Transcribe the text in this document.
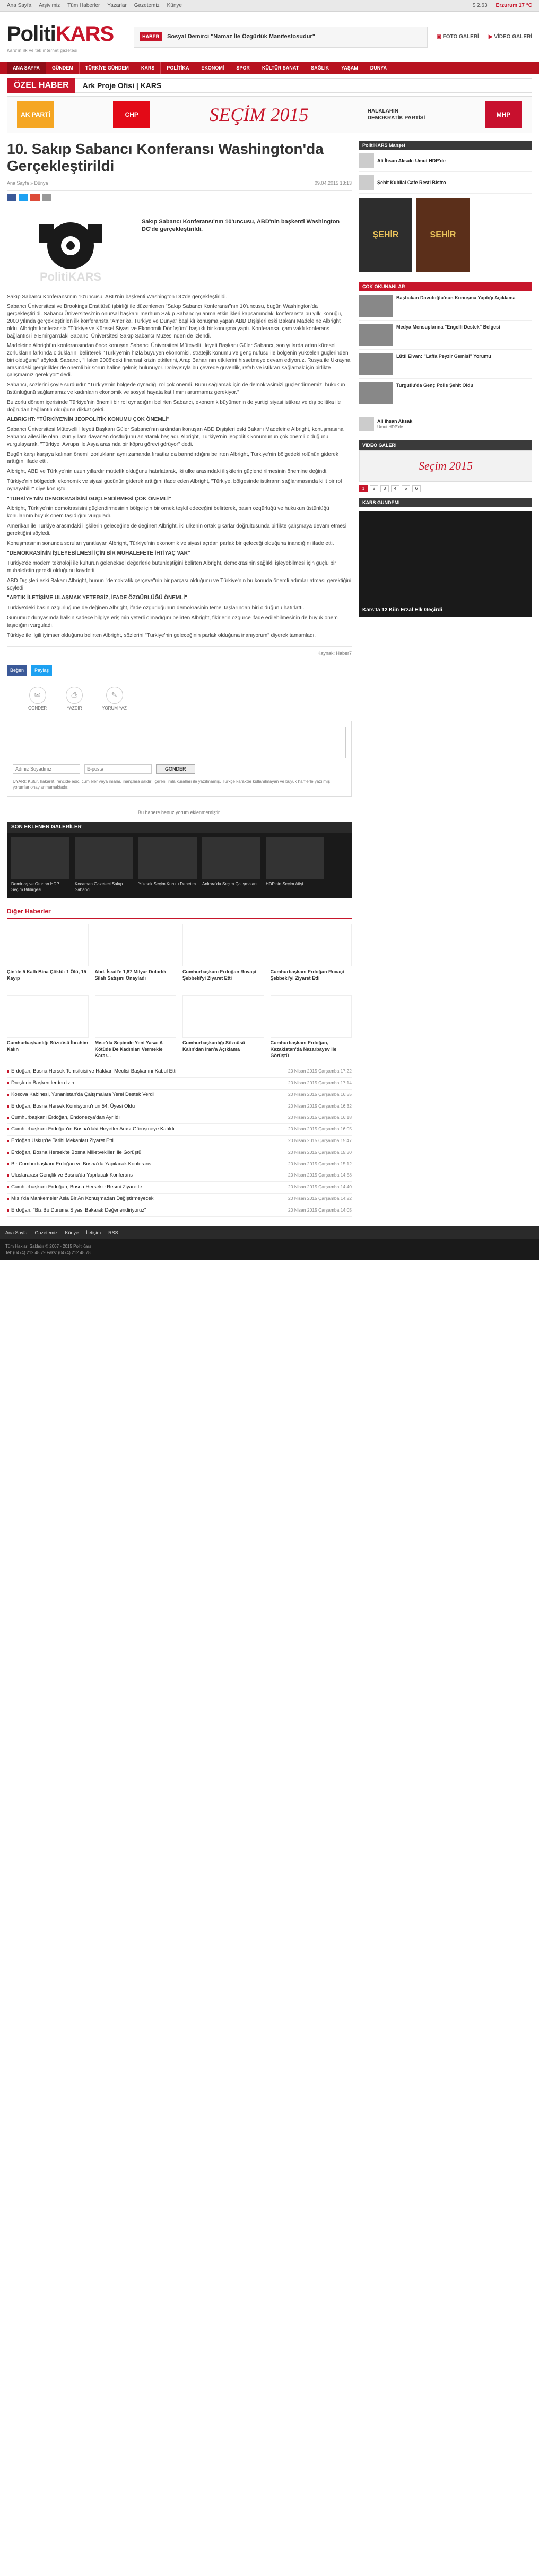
Ana Sayfa Arşivimiz Tüm Haberler Yazarlar Gazetemiz Künye	$ 2.63 Erzurum 17 °C
PolitiKARS
Kars'ın ilk ve tek internet gazetesi
HABER	Sosyal Demirci "Namaz İle Özgürlük Manifestosudur"	▣ FOTO GALERİ ▶ VİDEO GALERİ
ANA SAYFA	GÜNDEM	TÜRKİYE GÜNDEM	KARS	POLİTİKA	EKONOMİ	SPOR	KÜLTÜR SANAT	SAĞLIK	YAŞAM	DÜNYA
ÖZEL HABER	Ark Proje Ofisi | KARS
AK PARTİ	CHP	SEÇİM 2015	HALKLARIN DEMOKRATİK PARTİSİ	MHP
10. Sakıp Sabancı Konferansı Washington'da Gerçekleştirildi
Ana Sayfa » Dünya	09.04.2015 13:13
PolitiKARS
Sakıp Sabancı Konferansı'nın 10'uncusu, ABD'nin başkenti Washington DC'de gerçekleştirildi.

Sakıp Sabancı Konferansı'nın 10'uncusu, ABD'nin başkenti Washington DC'de gerçekleştirildi.

Sabancı Üniversitesi ve Brookings Enstitüsü işbirliği ile düzenlenen "Sakıp Sabancı Konferansı"nın 10'uncusu, bugün Washington'da gerçekleştirildi. Sabancı Üniversitesi'nin onursal başkanı merhum Sakıp Sabancı'yı anma etkinlikleri kapsamındaki konferansta bu yılki konuğu, 2000 yılında gerçekleştirilen ilk konferansta "Amerika, Türkiye ve Dünya" başlıklı konuşma yapan ABD Dışişleri eski Bakanı Madeleine Albright oldu. Albright konferansta "Türkiye ve Küresel Siyasi ve Ekonomik Dönüşüm" başlıklı bir konuşma yaptı. Konferansa, çam vakfı konferans bağlantısı ile Emirgan'daki Sabancı Üniversitesi Sakıp Sabancı Müzesi'nden de izlendi.

Madeleine Albright'ın konferansından önce konuşan Sabancı Üniversitesi Mütevelli Heyeti Başkanı Güler Sabancı, son yıllarda artan küresel zorlukların farkında olduklarını belirterek "Türkiye'nin hızla büyüyen ekonomisi, stratejik konumu ve genç nüfusu ile bölgenin yükselen güçlerinden biri olduğunu" söyledi. Sabancı, "Halen 2008'deki finansal krizin etkilerini, Arap Baharı'nın etkilerini hissetmeye devam ediyoruz. Rusya ile Ukrayna arasındaki gerginlikler de önemli bir sorun haline gelmiş bulunuyor. Dolayısıyla bu çevrede güvenlik, refah ve istikrarı sağlamak için birlikte çalışmamız gerekiyor" dedi.

Sabancı, sözlerini şöyle sürdürdü: "Türkiye'nin bölgede oynadığı rol çok önemli. Bunu sağlamak için de demokrasimizi güçlendirmemiz, hukukun üstünlüğünü sağlamamız ve kadınların ekonomik ve sosyal hayata katılımını artırmamız gerekiyor."

Bu zorlu dönem içerisinde Türkiye'nin önemli bir rol oynadığını belirten Sabancı, ekonomik büyümenin de yurtiçi siyasi istikrar ve dış politika ile doğrudan bağlantılı olduğuna dikkat çekti.

ALBRIGHT: "TÜRKİYE'NİN JEOPOLİTİK KONUMU ÇOK ÖNEMLİ"

Sabancı Üniversitesi Mütevelli Heyeti Başkanı Güler Sabancı'nın ardından konuşan ABD Dışişleri eski Bakanı Madeleine Albright, konuşmasına Sabancı ailesi ile olan uzun yıllara dayanan dostluğunu anlatarak başladı. Albright, Türkiye'nin jeopolitik konumunun çok önemli olduğunu vurgulayarak, "Türkiye, Avrupa ile Asya arasında bir köprü görevi görüyor" dedi.

Bugün karşı karşıya kalınan önemli zorlukların aynı zamanda fırsatlar da barındırdığını belirten Albright, Türkiye'nin bölgedeki rolünün giderek arttığını ifade etti.

Albright, ABD ve Türkiye'nin uzun yıllardır müttefik olduğunu hatırlatarak, iki ülke arasındaki ilişkilerin güçlendirilmesinin önemine değindi.

Türkiye'nin bölgedeki ekonomik ve siyasi gücünün giderek arttığını ifade eden Albright, "Türkiye, bölgesinde istikrarın sağlanmasında kilit bir rol oynayabilir" diye konuştu.

"TÜRKİYE'NİN DEMOKRASİSİNİ GÜÇLENDİRMESİ ÇOK ÖNEMLİ"

Albright, Türkiye'nin demokrasisini güçlendirmesinin bölge için bir örnek teşkil edeceğini belirterek, basın özgürlüğü ve hukukun üstünlüğü konularının büyük önem taşıdığını vurguladı.

Amerikan ile Türkiye arasındaki ilişkilerin geleceğine de değinen Albright, iki ülkenin ortak çıkarlar doğrultusunda birlikte çalışmaya devam etmesi gerektiğini söyledi.

Konuşmasının sonunda soruları yanıtlayan Albright, Türkiye'nin ekonomik ve siyasi açıdan parlak bir geleceği olduğuna inandığını ifade etti.

"DEMOKRASİNİN İŞLEYEBİLMESİ İÇİN BİR MUHALEFETE İHTİYAÇ VAR"

Türkiye'de modern teknoloji ile kültürün geleneksel değerlerle bütünleştiğini belirten Albright, demokrasinin sağlıklı işleyebilmesi için güçlü bir muhalefetin gerekli olduğunu kaydetti.

ABD Dışişleri eski Bakanı Albright, bunun "demokratik çerçeve"nin bir parçası olduğunu ve Türkiye'nin bu konuda önemli adımlar atması gerektiğini söyledi.

"ARTIK İLETİŞİME ULAŞMAK YETERSİZ, İFADE ÖZGÜRLÜĞÜ ÖNEMLİ"

Türkiye'deki basın özgürlüğüne de değinen Albright, ifade özgürlüğünün demokrasinin temel taşlarından biri olduğunu hatırlattı.

Günümüz dünyasında halkın sadece bilgiye erişimin yeterli olmadığını belirten Albright, fikirlerin özgürce ifade edilebilmesinin de büyük önem taşıdığını vurguladı.

Türkiye ile ilgili iyimser olduğunu belirten Albright, sözlerini "Türkiye'nin geleceğinin parlak olduğuna inanıyorum" diyerek tamamladı.

Kaynak: Haber7
Beğen	Paylaş
✉
GÖNDER
⎙
YAZDIR
✎
YORUM YAZ
Adınız Soyadınız
E-posta
GÖNDER
UYARI: Küfür, hakaret, rencide edici cümleler veya imalar, inançlara saldırı içeren, imla kuralları ile yazılmamış, Türkçe karakter kullanılmayan ve büyük harflerle yazılmış yorumlar onaylanmamaktadır.
Bu habere henüz yorum eklenmemiştir.
SON EKLENEN GALERİLER
Demirtaş ve Oturtan HDP Seçim Bildirgesi
Kocaman Gazeteci Sakıp Sabancı
Yüksek Seçim Kurulu Denetim Ankara'da Seçim Çalışmaları	HDP'nin Seçim Afişi
Diğer Haberler
Çin'de 5 Katlı Bina Çöktü: 1 Ölü, 15 Kayıp
Abd, İsrail'e 1,87 Milyar Dolarlık Silah Satışını Onayladı
Cumhurbaşkanı Erdoğan Rovaçi Şebbeki'yi Ziyaret Etti
Cumhurbaşkanı Erdoğan Rovaçi Şebbeki'yi Ziyaret Etti
Cumhurbaşkanlığı Sözcüsü İbrahim Kalın
Mısır'da Seçimde Yeni Yasa: A Kötüde De Kadınları Vermekle Karar...
Cumhurbaşkanlığı Sözcüsü Kalın'dan İran'a Açıklama
Cumhurbaşkanı Erdoğan, Kazakistan'da Nazarbayev ile Görüştü
Erdoğan, Bosna Hersek Temsilcisi ve Hakkari Meclisi Başkanını Kabul Etti	20 Nisan 2015 Çarşamba 17:22
Dreşlerin Başkentlerden İzin	20 Nisan 2015 Çarşamba 17:14
Kosova Kabinesi, Yunanistan'da Çalışmalara Yerel Destek Verdi	20 Nisan 2015 Çarşamba 16:55
Erdoğan, Bosna Hersek Komisyonu'nun 54. Üyesi Oldu	20 Nisan 2015 Çarşamba 16:32
Cumhurbaşkanı Erdoğan, Endonezya'dan Ayrıldı	20 Nisan 2015 Çarşamba 16:18
Cumhurbaşkanı Erdoğan'ın Bosna'daki Heyetler Arası Görüşmeye Katıldı	20 Nisan 2015 Çarşamba 16:05
Erdoğan Üsküp'te Tarihi Mekanları Ziyaret Etti	20 Nisan 2015 Çarşamba 15:47
Erdoğan, Bosna Hersek'te Bosna Milletvekilleri ile Görüştü	20 Nisan 2015 Çarşamba 15:30
Bir Cumhurbaşkanı Erdoğan ve Bosna'da Yapılacak Konferans	20 Nisan 2015 Çarşamba 15:12
Uluslararası Gençlik ve Bosna'da Yapılacak Konferans	20 Nisan 2015 Çarşamba 14:58
Cumhurbaşkanı Erdoğan, Bosna Hersek'e Resmi Ziyarette	20 Nisan 2015 Çarşamba 14:40
Mısır'da Mahkemeler Asla Bir An Konuşmadan Değiştirmeyecek	20 Nisan 2015 Çarşamba 14:22
Erdoğan: "Biz Bu Duruma Siyasi Bakarak Değerlendiriyoruz"	20 Nisan 2015 Çarşamba 14:05
PolitiKARS Manşet
Ali İhsan Aksak: Umut HDP'de
Şehit Kubilai Cafe Resti Bistro
ŞEHİR	SEHİR
ÇOK OKUNANLAR
Başbakan Davutoğlu'nun Konuşma Yaptığı Açıklama
Medya Mensuplarına "Engelli Destek" Belgesi
Lütfi Elvan: "Laffa Peyzir Gemisi" Yorumu
Turgutlu'da Genç Polis Şehit Oldu
Ali İhsan Aksak
Umut HDP'de
VİDEO GALERİ
Seçim 2015
1	2	3	4	5	6
KARS GÜNDEMİ
Kars'ta 12 Kiin Erzal Elk Geçirdi
Ana Sayfa Gazetemiz Künye İletişim RSS
Tüm Hakları Saklıdır © 2007 - 2015 PolitiKars
Tel: (0474) 212 48 79 Faks: (0474) 212 48 78
